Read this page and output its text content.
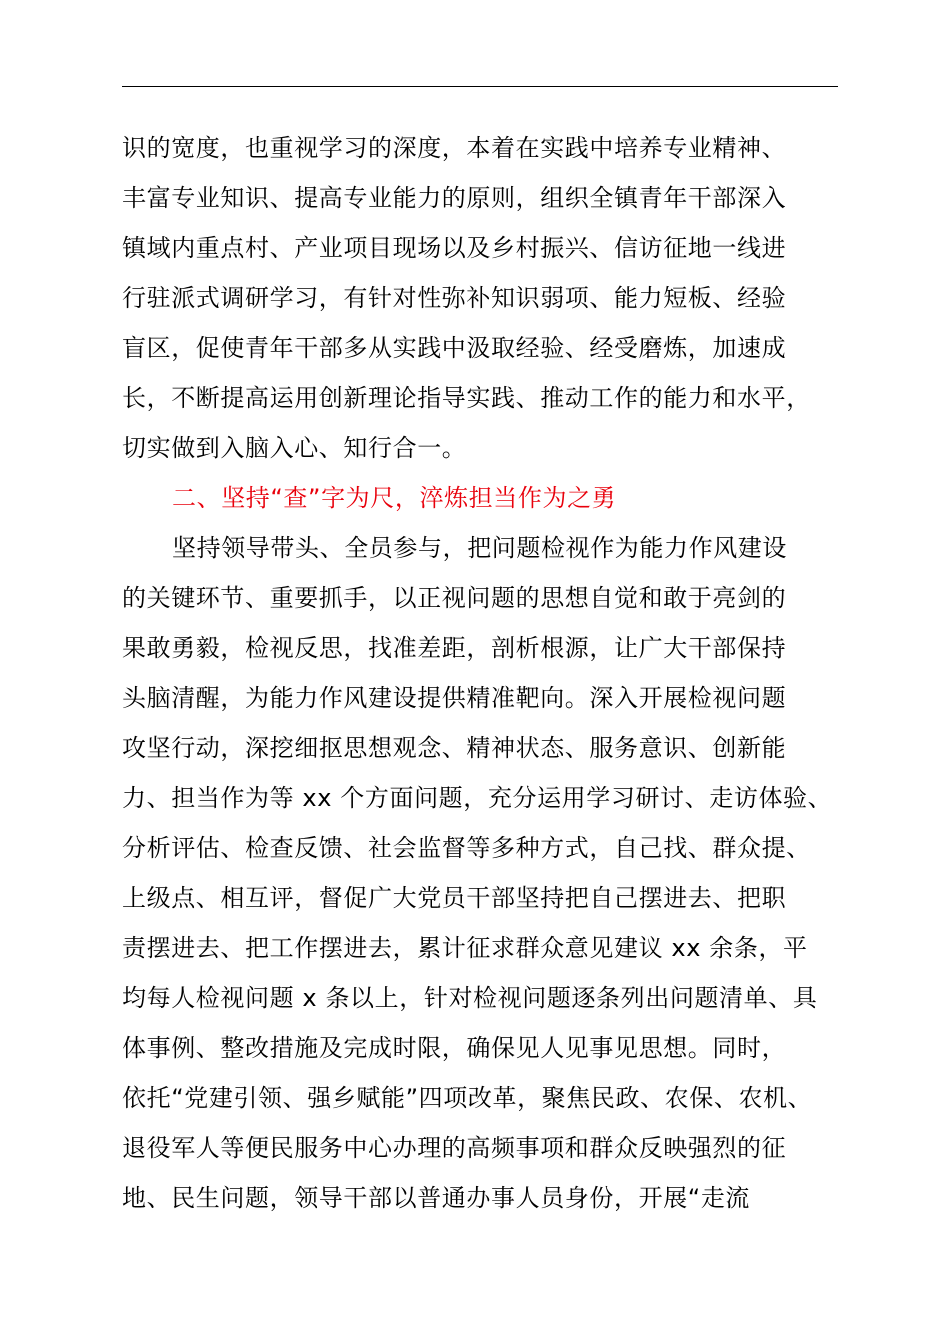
识的宽度，也重视学习的深度，本着在实践中培养专业精神、
丰富专业知识、提高专业能力的原则，组织全镇青年干部深入
镇域内重点村、产业项目现场以及乡村振兴、信访征地一线进
行驻派式调研学习，有针对性弥补知识弱项、能力短板、经验
盲区，促使青年干部多从实践中汲取经验、经受磨炼，加速成
长，不断提高运用创新理论指导实践、推动工作的能力和水平，
切实做到入脑入心、知行合一。
二、坚持“查”字为尺，淬炼担当作为之勇
坚持领导带头、全员参与，把问题检视作为能力作风建设
的关键环节、重要抓手，以正视问题的思想自觉和敢于亮剑的
果敢勇毅，检视反思，找准差距，剖析根源，让广大干部保持
头脑清醒，为能力作风建设提供精准靶向。深入开展检视问题
攻坚行动，深挖细抠思想观念、精神状态、服务意识、创新能
力、担当作为等 xx 个方面问题，充分运用学习研讨、走访体验、
分析评估、检查反馈、社会监督等多种方式，自己找、群众提、
上级点、相互评，督促广大党员干部坚持把自己摆进去、把职
责摆进去、把工作摆进去，累计征求群众意见建议 xx 余条，平
均每人检视问题 x 条以上，针对检视问题逐条列出问题清单、具
体事例、整改措施及完成时限，确保见人见事见思想。同时，
依托“党建引领、强乡赋能”四项改革，聚焦民政、农保、农机、
退役军人等便民服务中心办理的高频事项和群众反映强烈的征
地、民生问题，领导干部以普通办事人员身份，开展“走流
